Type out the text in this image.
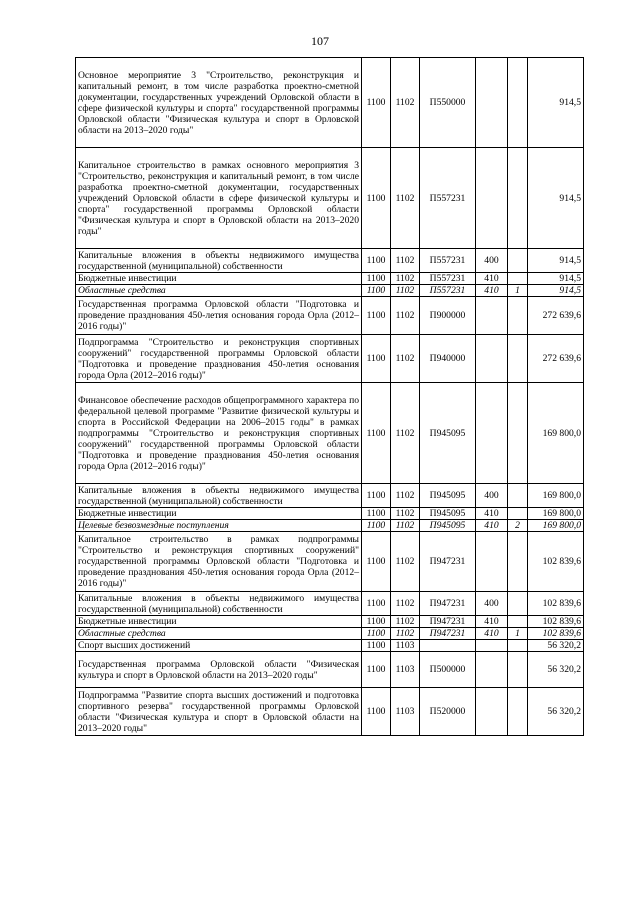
107
Основное мероприятие 3 "Строительство, реконструкция и капитальный ремонт, в том числе разработка проектно-сметной документации, государственных учреждений Орловской области в сфере физической культуры и спорта" государственной программы Орловской области "Физическая культура и спорт в Орловской области на 2013–2020 годы"	1100	1102	П550000			914,5
Капитальное строительство в рамках основного мероприятия 3 "Строительство, реконструкция и капитальный ремонт, в том числе разработка проектно-сметной документации, государственных учреждений Орловской области в сфере физической культуры и спорта" государственной программы Орловской области "Физическая культура и спорт в Орловской области на 2013–2020 годы"	1100	1102	П557231			914,5
Капитальные вложения в объекты недвижимого имущества государственной (муниципальной) собственности	1100	1102	П557231	400		914,5
Бюджетные инвестиции	1100	1102	П557231	410		914,5
Областные средства	1100	1102	П557231	410	1	914,5
Государственная программа Орловской области "Подготовка и проведение празднования 450-летия основания города Орла (2012–2016 годы)"	1100	1102	П900000			272 639,6
Подпрограмма "Строительство и реконструкция спортивных сооружений" государственной программы Орловской области "Подготовка и проведение празднования 450-летия основания города Орла (2012–2016 годы)"	1100	1102	П940000			272 639,6
Финансовое обеспечение расходов общепрограммного характера по федеральной целевой программе "Развитие физической культуры и спорта в Российской Федерации на 2006–2015 годы" в рамках подпрограммы "Строительство и реконструкция спортивных сооружений" государственной программы Орловской области "Подготовка и проведение празднования 450-летия основания города Орла (2012–2016 годы)"	1100	1102	П945095			169 800,0
Капитальные вложения в объекты недвижимого имущества государственной (муниципальной) собственности	1100	1102	П945095	400		169 800,0
Бюджетные инвестиции	1100	1102	П945095	410		169 800,0
Целевые безвозмездные поступления	1100	1102	П945095	410	2	169 800,0
Капитальное строительство в рамках подпрограммы "Строительство и реконструкция спортивных сооружений" государственной программы Орловской области "Подготовка и проведение празднования 450-летия основания города Орла (2012–2016 годы)"	1100	1102	П947231			102 839,6
Капитальные вложения в объекты недвижимого имущества государственной (муниципальной) собственности	1100	1102	П947231	400		102 839,6
Бюджетные инвестиции	1100	1102	П947231	410		102 839,6
Областные средства	1100	1102	П947231	410	1	102 839,6
Спорт высших достижений	1100	1103				56 320,2
Государственная программа Орловской области "Физическая культура и спорт в Орловской области на 2013–2020 годы"	1100	1103	П500000			56 320,2
Подпрограмма "Развитие спорта высших достижений и подготовка спортивного резерва" государственной программы Орловской области "Физическая культура и спорт в Орловской области на 2013–2020 годы"	1100	1103	П520000			56 320,2
